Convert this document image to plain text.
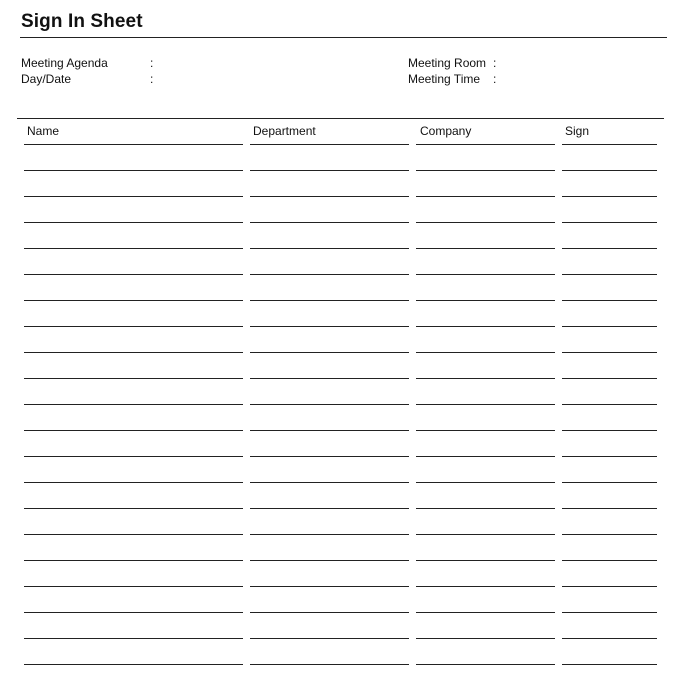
Sign In Sheet
Meeting Agenda	:
Day/Date	:
Meeting Room :
Meeting Time :
Name	Department	Company	Sign
